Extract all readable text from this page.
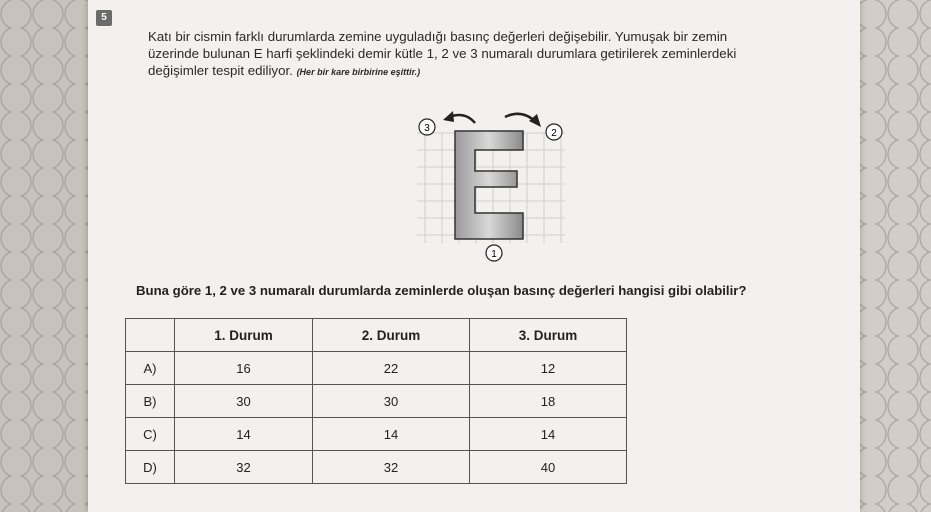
5
Katı bir cismin farklı durumlarda zemine uyguladığı basınç değerleri değişebilir. Yumuşak bir zemin
üzerinde bulunan E harfi şeklindeki demir kütle 1, 2 ve 3 numaralı durumlara getirilerek zeminlerdeki
değişimler tespit ediliyor. (Her bir kare birbirine eşittir.)
3	2
1
Buna göre 1, 2 ve 3 numaralı durumlarda zeminlerde oluşan basınç değerleri hangisi gibi olabilir?
	1. Durum	2. Durum	3. Durum
A)	16	22	12
B)	30	30	18
C)	14	14	14
D)	32	32	40
